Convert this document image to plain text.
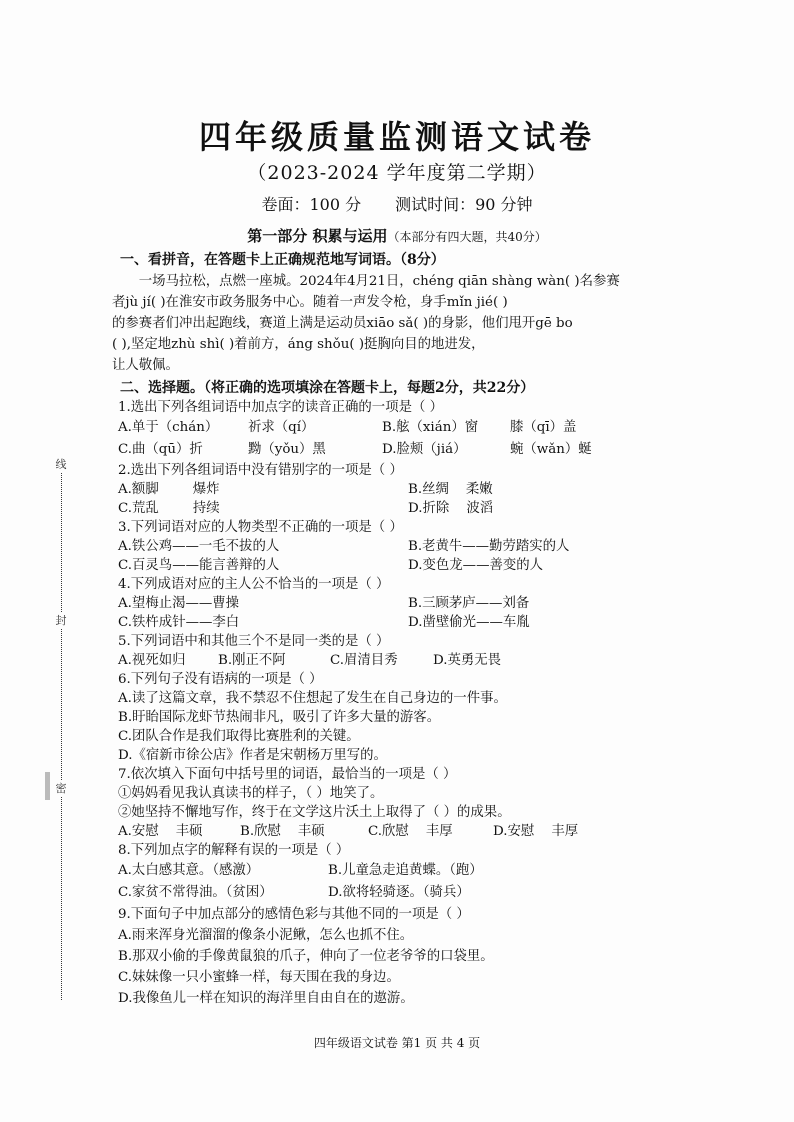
线
封
密
四年级质量监测语文试卷
（2023-2024 学年度第二学期）
卷面：100 分 测试时间：90 分钟
第一部分 积累与运用（本部分有四大题，共40分）
一、看拼音，在答题卡上正确规范地写词语。（8分）
一场马拉松，点燃一座城。2024年4月21日，chéng qiān shàng wàn( )名参赛
者jù jí( )在淮安市政务服务中心。随着一声发令枪，身手mǐn jié( )
的参赛者们冲出起跑线，赛道上满是运动员xiāo sǎ( )的身影，他们甩开gē bo
( ),坚定地zhù shì( )着前方，áng shǒu( )挺胸向目的地进发，
让人敬佩。
二、选择题。（将正确的选项填涂在答题卡上，每题2分，共22分）
1.选出下列各组词语中加点字的读音正确的一项是（ ）
A.单于（chán）	祈求（qí）	B.舷（xián）窗	膝（qī）盖
C.曲（qū）折	黝（yǒu）黑	D.脸颊（jiá）	蜿（wǎn）蜒
2.选出下列各组词语中没有错别字的一项是（ ）
A.额脚        爆炸	B.丝绸    柔嫩
C.荒乱        持续	D.折除    波滔
3.下列词语对应的人物类型不正确的一项是（ ）
A.铁公鸡——一毛不拔的人	B.老黄牛——勤劳踏实的人
C.百灵鸟——能言善辩的人	D.变色龙——善变的人
4.下列成语对应的主人公不恰当的一项是（ ）
A.望梅止渴——曹操	B.三顾茅庐——刘备
C.铁杵成针——李白	D.凿壁偷光——车胤
5.下列词语中和其他三个不是同一类的是（ ）
A.视死如归	B.刚正不阿	C.眉清目秀	D.英勇无畏
6.下列句子没有语病的一项是（ ）
A.读了这篇文章，我不禁忍不住想起了发生在自己身边的一件事。
B.盱眙国际龙虾节热闹非凡，吸引了许多大量的游客。
C.团队合作是我们取得比赛胜利的关键。
D.《宿新市徐公店》作者是宋朝杨万里写的。
7.依次填入下面句中括号里的词语，最恰当的一项是（ ）
①妈妈看见我认真读书的样子，（ ）地笑了。
②她坚持不懈地写作，终于在文学这片沃土上取得了（ ）的成果。
A.安慰    丰硕	B.欣慰    丰硕	C.欣慰    丰厚	D.安慰    丰厚
8.下列加点字的解释有误的一项是（ ）
A.太白感其意。（感激）	B.儿童急走追黄蝶。（跑）
C.家贫不常得油。（贫困）	D.欲将轻骑逐。（骑兵）
9.下面句子中加点部分的感情色彩与其他不同的一项是（ ）
A.雨来浑身光溜溜的像条小泥鳅，怎么也抓不住。
B.那双小偷的手像黄鼠狼的爪子，伸向了一位老爷爷的口袋里。
C.妹妹像一只小蜜蜂一样，每天围在我的身边。
D.我像鱼儿一样在知识的海洋里自由自在的遨游。
四年级语文试卷 第1 页 共 4 页
